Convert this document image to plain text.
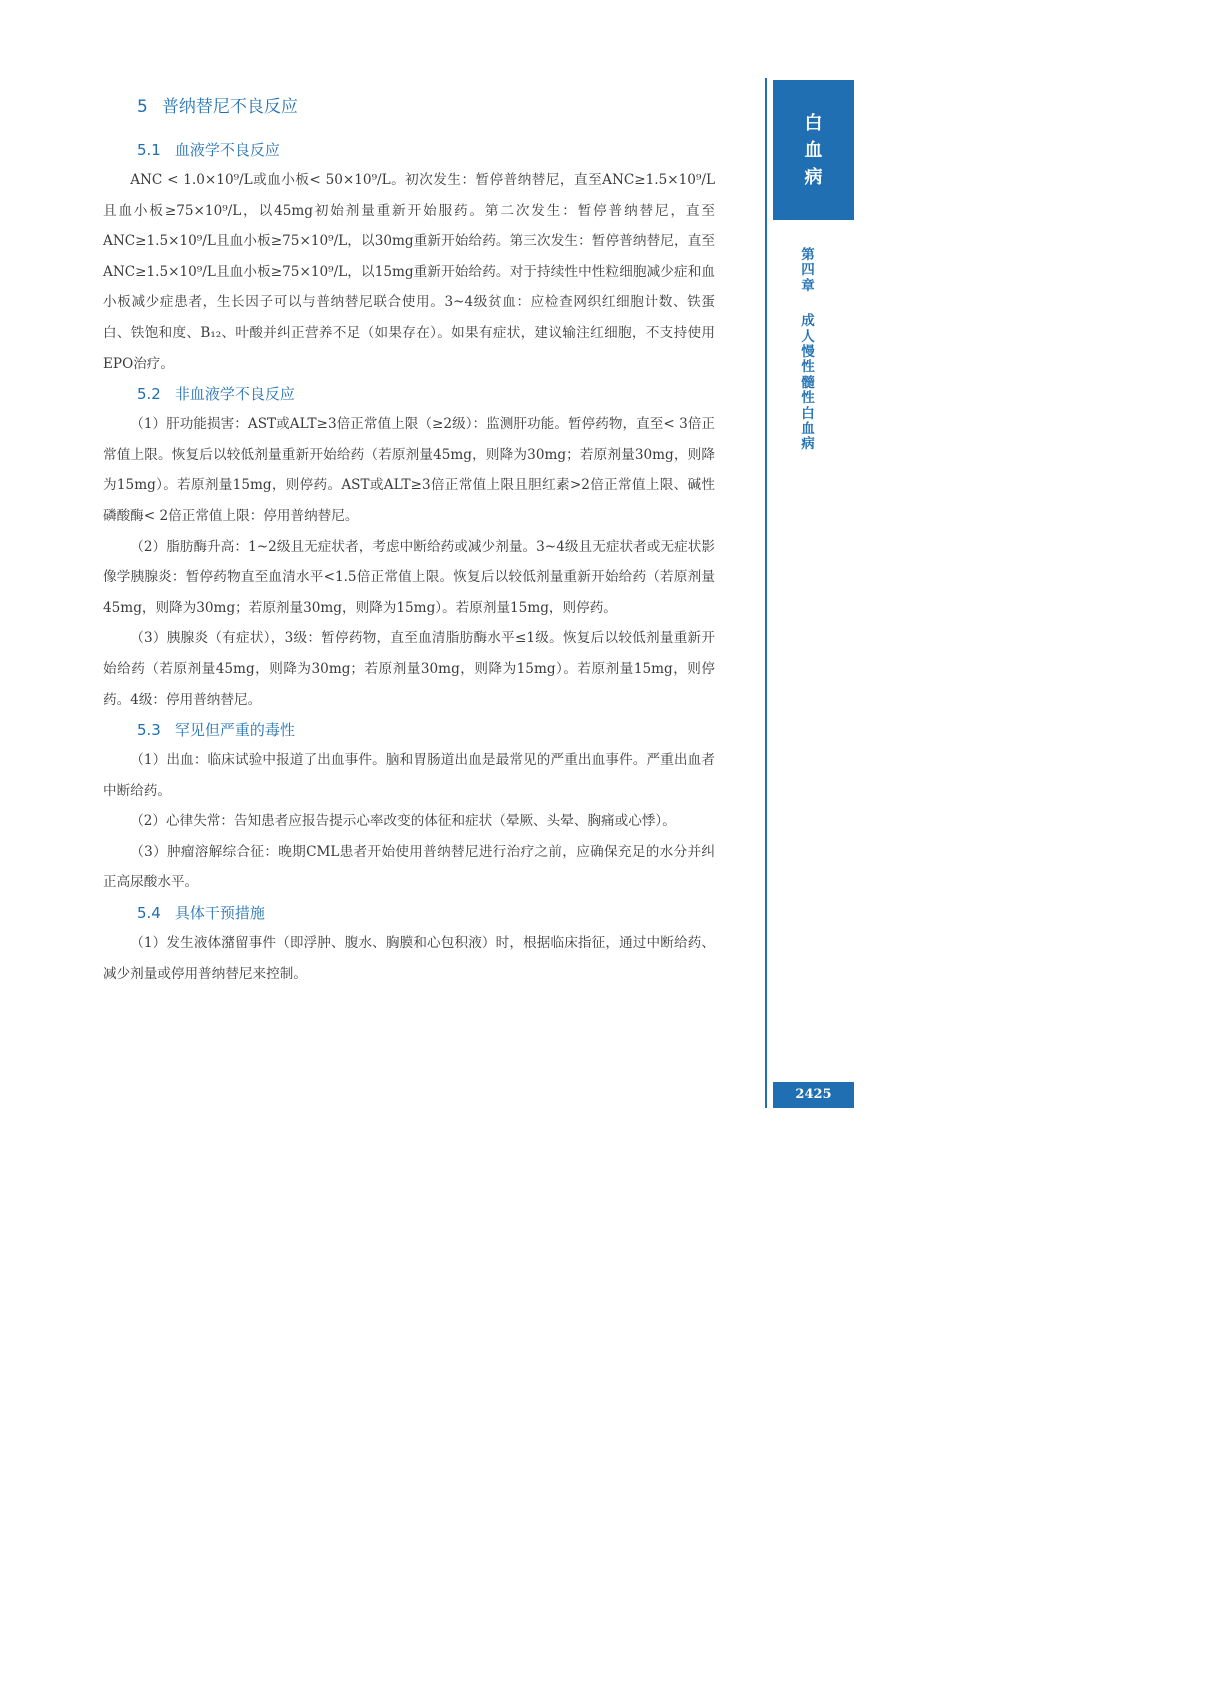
5 普纳替尼不良反应
5.1 血液学不良反应

ANC < 1.0×10⁹/L或血小板< 50×10⁹/L。初次发生：暂停普纳替尼，直至ANC≥1.5×10⁹/L且血小板≥75×10⁹/L，以45mg初始剂量重新开始服药。第二次发生：暂停普纳替尼，直至ANC≥1.5×10⁹/L且血小板≥75×10⁹/L，以30mg重新开始给药。第三次发生：暂停普纳替尼，直至ANC≥1.5×10⁹/L且血小板≥75×10⁹/L，以15mg重新开始给药。对于持续性中性粒细胞减少症和血小板减少症患者，生长因子可以与普纳替尼联合使用。3~4级贫血：应检查网织红细胞计数、铁蛋白、铁饱和度、B₁₂、叶酸并纠正营养不足（如果存在）。如果有症状，建议输注红细胞，不支持使用EPO治疗。

5.2 非血液学不良反应

（1）肝功能损害：AST或ALT≥3倍正常值上限（≥2级）：监测肝功能。暂停药物，直至< 3倍正常值上限。恢复后以较低剂量重新开始给药（若原剂量45mg，则降为30mg；若原剂量30mg，则降为15mg）。若原剂量15mg，则停药。AST或ALT≥3倍正常值上限且胆红素>2倍正常值上限、碱性磷酸酶< 2倍正常值上限：停用普纳替尼。

（2）脂肪酶升高：1~2级且无症状者，考虑中断给药或减少剂量。3~4级且无症状者或无症状影像学胰腺炎：暂停药物直至血清水平<1.5倍正常值上限。恢复后以较低剂量重新开始给药（若原剂量45mg，则降为30mg；若原剂量30mg，则降为15mg）。若原剂量15mg，则停药。

（3）胰腺炎（有症状），3级：暂停药物，直至血清脂肪酶水平≤1级。恢复后以较低剂量重新开始给药（若原剂量45mg，则降为30mg；若原剂量30mg，则降为15mg）。若原剂量15mg，则停药。4级：停用普纳替尼。

5.3 罕见但严重的毒性

（1）出血：临床试验中报道了出血事件。脑和胃肠道出血是最常见的严重出血事件。严重出血者中断给药。

（2）心律失常：告知患者应报告提示心率改变的体征和症状（晕厥、头晕、胸痛或心悸）。

（3）肿瘤溶解综合征：晚期CML患者开始使用普纳替尼进行治疗之前，应确保充足的水分并纠正高尿酸水平。

5.4 具体干预措施

（1）发生液体潴留事件（即浮肿、腹水、胸膜和心包积液）时，根据临床指征，通过中断给药、减少剂量或停用普纳替尼来控制。

白
血
病
第四章
成人慢性髓性白血病
2425
